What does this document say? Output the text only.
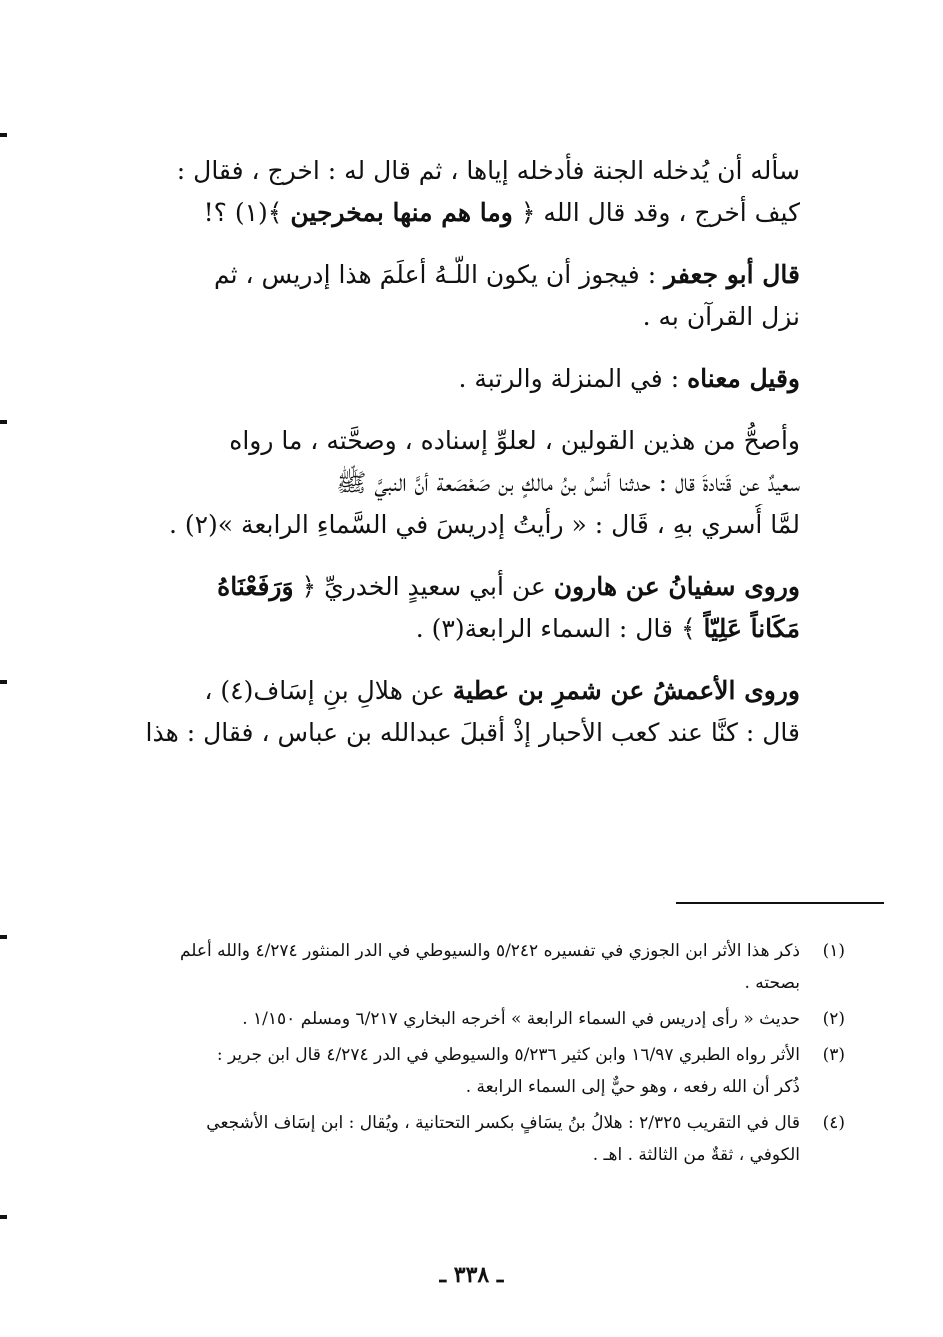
سأله أن يُدخله الجنة فأدخله إياها ، ثم قال له : اخرج ، فقال :
كيف أخرج ، وقد قال الله ﴿ وما هم منها بمخرجين ﴾(١) ؟!
قال أبو جعفر : فيجوز أن يكون اللّـهُ أعلَمَ هذا إدريس ، ثم
نزل القرآن به .
وقيل معناه : في المنزلة والرتبة .
وأصحُّ من هذين القولين ، لعلوِّ إسناده ، وصحَّته ، ما رواه
سعيدٌ عن قَتادةَ قال : حدثنا أنسُ بنُ مالكٍ بن صَعْصَعة أنَّ النبيَّ ﷺ
لمَّا أُسري بهِ ، قَال : « رأيتُ إدريسَ في السَّماءِ الرابعة »(٢) .
وروى سفيانُ عن هارون عن أبي سعيدٍ الخدريِّ ﴿ وَرَفَعْنَاهُ
مَكَاناً عَلِيّاً ﴾ قال : السماء الرابعة(٣) .
وروى الأعمشُ عن شمرِ بن عطية عن هلالِ بنِ إسَاف(٤) ،
قال : كنَّا عند كعب الأحبار إذْ أقبلَ عبدالله بن عباس ، فقال : هذا
(١)
ذكر هذا الأثر ابن الجوزي في تفسيره ٥/٢٤٢ والسيوطي في الدر المنثور ٤/٢٧٤ والله أعلم
بصحته .
(٢)
حديث « رأى إدريس في السماء الرابعة » أخرجه البخاري ٦/٢١٧ ومسلم ١/١٥٠ .
(٣)
الأثر رواه الطبري ١٦/٩٧ وابن كثير ٥/٢٣٦ والسيوطي في الدر ٤/٢٧٤ قال ابن جرير :
ذُكر أن الله رفعه ، وهو حيٌّ إلى السماء الرابعة .
(٤)
قال في التقريب ٢/٣٢٥ : هلالُ بنُ يسَافٍ بكسر التحتانية ، ويُقال : ابن إسَاف الأشجعي
الكوفي ، ثقةٌ من الثالثة . اهـ .
ـ ٣٣٨ ـ
